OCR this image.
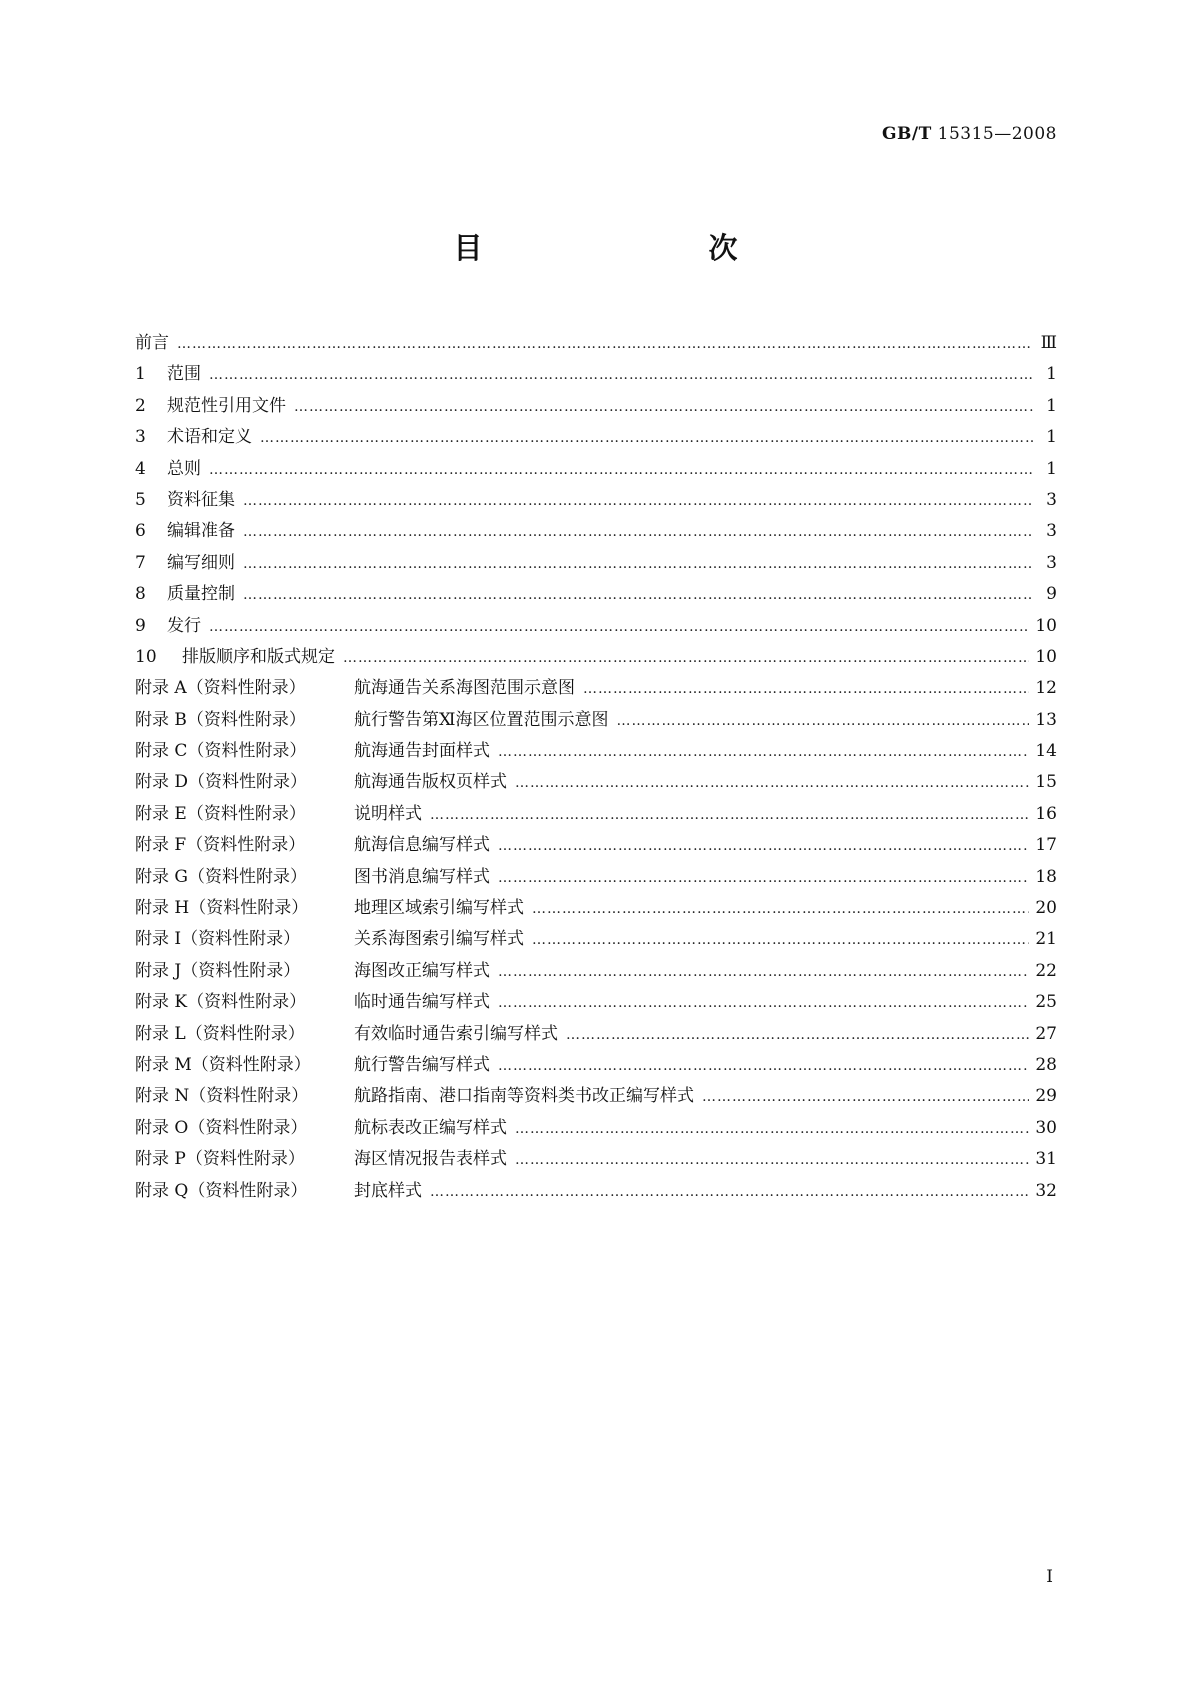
GB/T 15315—2008
目　　次
前言 ………………………………………………………………………………………………………………………………………………………………………………………………	Ⅲ
1	范围 ………………………………………………………………………………………………………………………………………………………………………………………………	1
2	规范性引用文件 ………………………………………………………………………………………………………………………………………………………………………………………………	1
3	术语和定义 ………………………………………………………………………………………………………………………………………………………………………………………………	1
4	总则 ………………………………………………………………………………………………………………………………………………………………………………………………	1
5	资料征集 ………………………………………………………………………………………………………………………………………………………………………………………………	3
6	编辑准备 ………………………………………………………………………………………………………………………………………………………………………………………………	3
7	编写细则 ………………………………………………………………………………………………………………………………………………………………………………………………	3
8	质量控制 ………………………………………………………………………………………………………………………………………………………………………………………………	9
9	发行 ………………………………………………………………………………………………………………………………………………………………………………………………	10
10	排版顺序和版式规定 ………………………………………………………………………………………………………………………………………………………………………………………………	10
附录 A（资料性附录）	航海通告关系海图范围示意图 ………………………………………………………………………………………………………………………………………………………………………………………………	12
附录 B（资料性附录）	航行警告第Ⅺ海区位置范围示意图 ………………………………………………………………………………………………………………………………………………………………………………………………	13
附录 C（资料性附录）	航海通告封面样式 ………………………………………………………………………………………………………………………………………………………………………………………………	14
附录 D（资料性附录）	航海通告版权页样式 ………………………………………………………………………………………………………………………………………………………………………………………………	15
附录 E（资料性附录）	说明样式 ………………………………………………………………………………………………………………………………………………………………………………………………	16
附录 F（资料性附录）	航海信息编写样式 ………………………………………………………………………………………………………………………………………………………………………………………………	17
附录 G（资料性附录）	图书消息编写样式 ………………………………………………………………………………………………………………………………………………………………………………………………	18
附录 H（资料性附录）	地理区域索引编写样式 ………………………………………………………………………………………………………………………………………………………………………………………………	20
附录 I（资料性附录）	关系海图索引编写样式 ………………………………………………………………………………………………………………………………………………………………………………………………	21
附录 J（资料性附录）	海图改正编写样式 ………………………………………………………………………………………………………………………………………………………………………………………………	22
附录 K（资料性附录）	临时通告编写样式 ………………………………………………………………………………………………………………………………………………………………………………………………	25
附录 L（资料性附录）	有效临时通告索引编写样式 ………………………………………………………………………………………………………………………………………………………………………………………………	27
附录 M（资料性附录）	航行警告编写样式 ………………………………………………………………………………………………………………………………………………………………………………………………	28
附录 N（资料性附录）	航路指南、港口指南等资料类书改正编写样式 ………………………………………………………………………………………………………………………………………………………………………………………………	29
附录 O（资料性附录）	航标表改正编写样式 ………………………………………………………………………………………………………………………………………………………………………………………………	30
附录 P（资料性附录）	海区情况报告表样式 ………………………………………………………………………………………………………………………………………………………………………………………………	31
附录 Q（资料性附录）	封底样式 ………………………………………………………………………………………………………………………………………………………………………………………………	32
I
